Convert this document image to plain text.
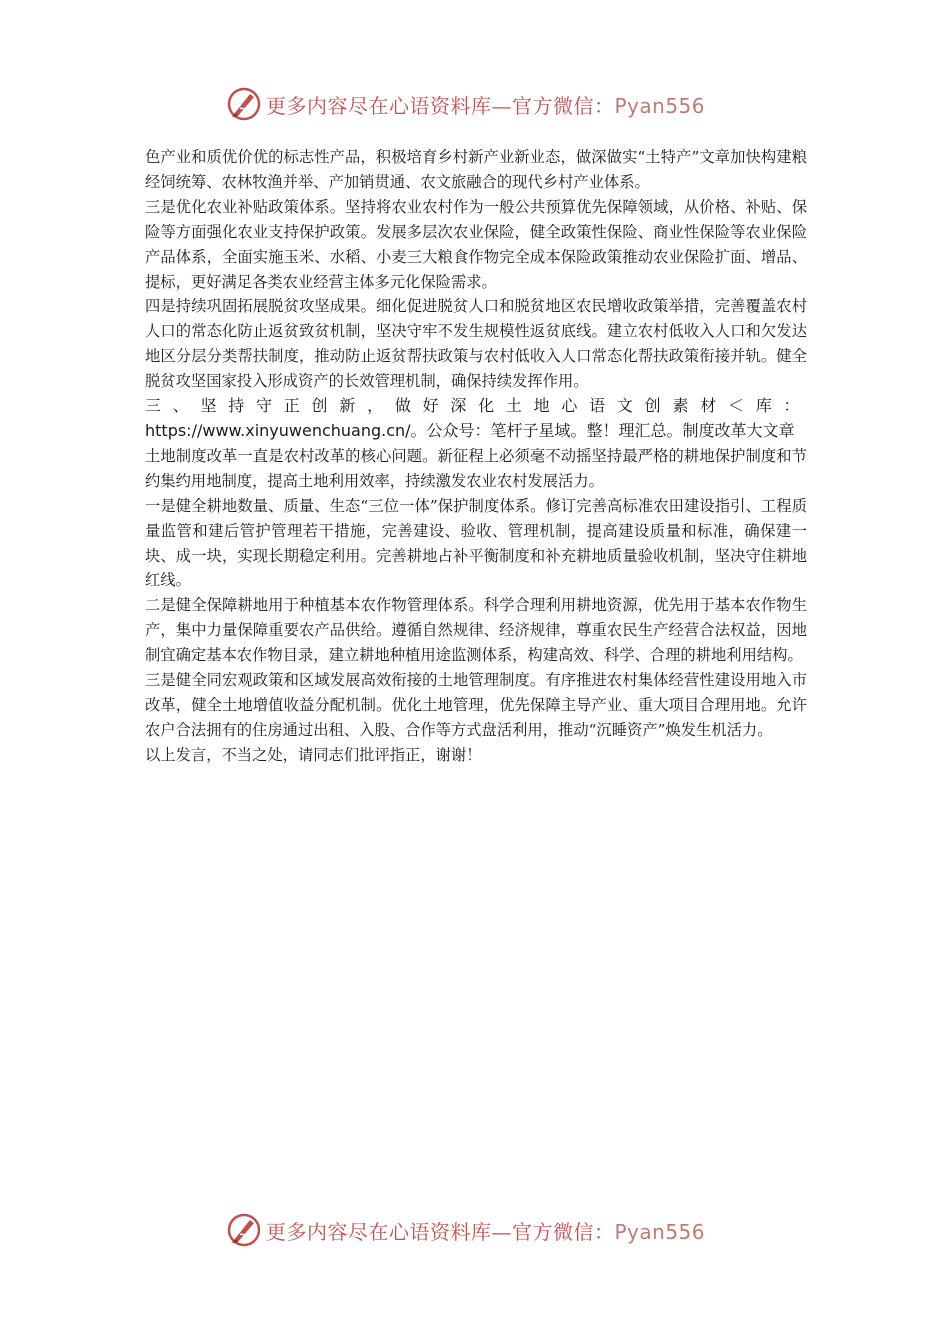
更多内容尽在心语资料库—官方微信：Pyan556

色产业和质优价优的标志性产品，积极培育乡村新产业新业态，做深做实“土特产”文章加快构建粮经饲统筹、农林牧渔并举、产加销贯通、农文旅融合的现代乡村产业体系。

三是优化农业补贴政策体系。坚持将农业农村作为一般公共预算优先保障领域，从价格、补贴、保险等方面强化农业支持保护政策。发展多层次农业保险，健全政策性保险、商业性保险等农业保险产品体系，全面实施玉米、水稻、小麦三大粮食作物完全成本保险政策推动农业保险扩面、增品、提标，更好满足各类农业经营主体多元化保险需求。

四是持续巩固拓展脱贫攻坚成果。细化促进脱贫人口和脱贫地区农民增收政策举措，完善覆盖农村人口的常态化防止返贫致贫机制，坚决守牢不发生规模性返贫底线。建立农村低收入人口和欠发达地区分层分类帮扶制度，推动防止返贫帮扶政策与农村低收入人口常态化帮扶政策衔接并轨。健全脱贫攻坚国家投入形成资产的长效管理机制，确保持续发挥作用。

三、坚持守正创新，做好深化土地心语文创素材＜库：https://www.xinyuwenchuang.cn/。公众号：笔杆子星域。整！理汇总。制度改革大文章

土地制度改革一直是农村改革的核心问题。新征程上必须毫不动摇坚持最严格的耕地保护制度和节约集约用地制度，提高土地利用效率，持续激发农业农村发展活力。

一是健全耕地数量、质量、生态“三位一体”保护制度体系。修订完善高标准农田建设指引、工程质量监管和建后管护管理若干措施，完善建设、验收、管理机制，提高建设质量和标准，确保建一块、成一块，实现长期稳定利用。完善耕地占补平衡制度和补充耕地质量验收机制，坚决守住耕地红线。

二是健全保障耕地用于种植基本农作物管理体系。科学合理利用耕地资源，优先用于基本农作物生产，集中力量保障重要农产品供给。遵循自然规律、经济规律，尊重农民生产经营合法权益，因地制宜确定基本农作物目录，建立耕地种植用途监测体系，构建高效、科学、合理的耕地利用结构。

三是健全同宏观政策和区域发展高效衔接的土地管理制度。有序推进农村集体经营性建设用地入市改革，健全土地增值收益分配机制。优化土地管理，优先保障主导产业、重大项目合理用地。允许农户合法拥有的住房通过出租、入股、合作等方式盘活利用，推动“沉睡资产”焕发生机活力。

以上发言，不当之处，请同志们批评指正，谢谢！

更多内容尽在心语资料库—官方微信：Pyan556
